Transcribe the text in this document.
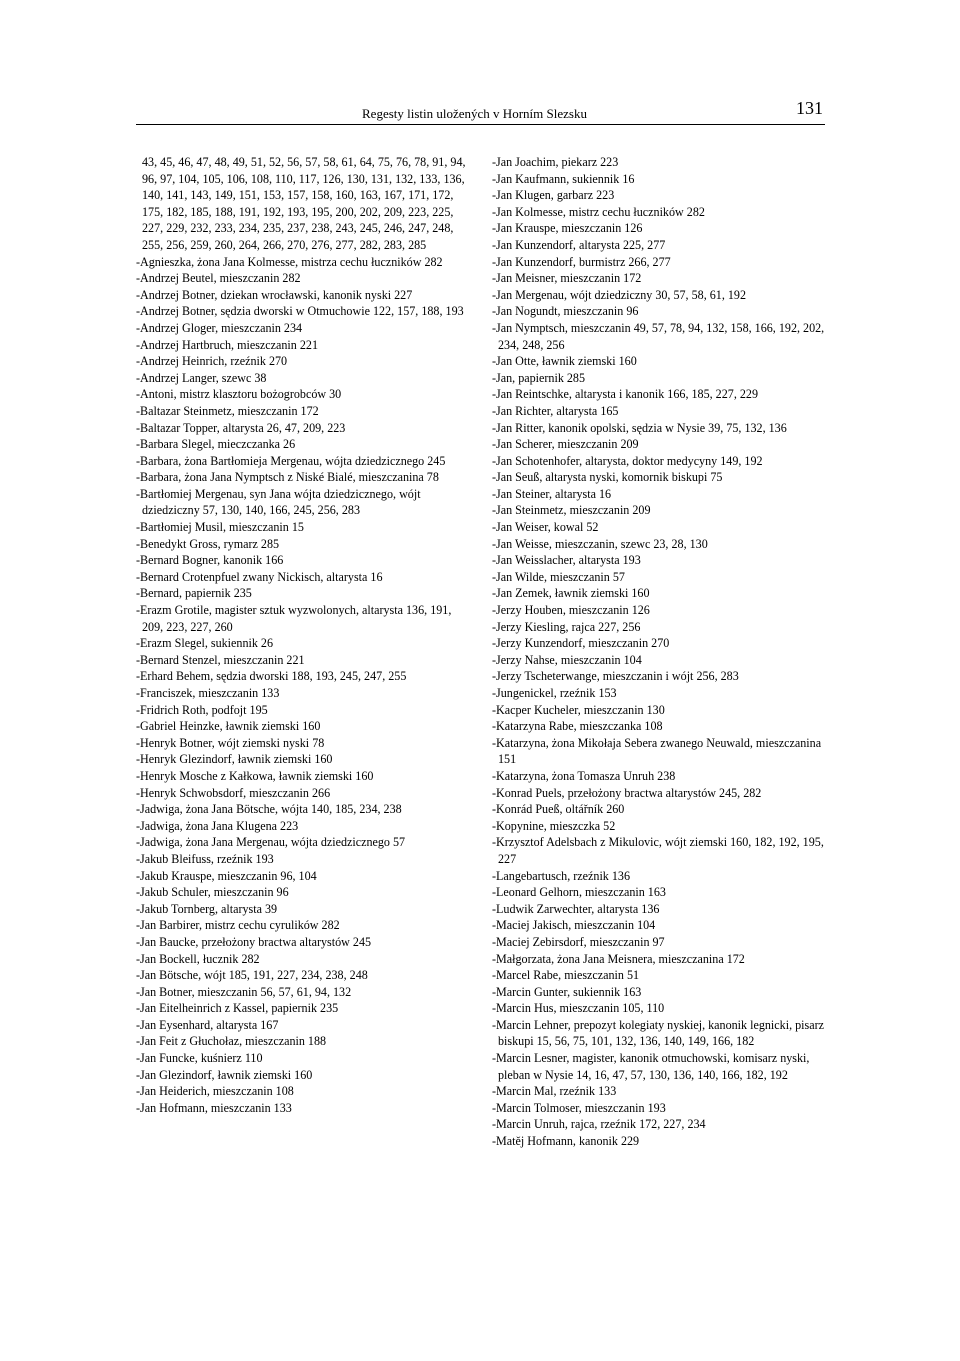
Regesty listin uložených v Horním Slezsku	131
43, 45, 46, 47, 48, 49, 51, 52, 56, 57, 58, 61, 64, 75, 76, 78, 91, 94, 96, 97, 104, 105, 106, 108, 110, 117, 126, 130, 131, 132, 133, 136, 140, 141, 143, 149, 151, 153, 157, 158, 160, 163, 167, 171, 172, 175, 182, 185, 188, 191, 192, 193, 195, 200, 202, 209, 223, 225, 227, 229, 232, 233, 234, 235, 237, 238, 243, 245, 246, 247, 248, 255, 256, 259, 260, 264, 266, 270, 276, 277, 282, 283, 285
-Agnieszka, żona Jana Kolmesse, mistrza cechu łuczników 282
-Andrzej Beutel, mieszczanin 282
-Andrzej Botner, dziekan wrocławski, kanonik nyski 227
-Andrzej Botner, sędzia dworski w Otmuchowie 122, 157, 188, 193
-Andrzej Gloger, mieszczanin 234
-Andrzej Hartbruch, mieszczanin 221
-Andrzej Heinrich, rzeźnik 270
-Andrzej Langer, szewc 38
-Antoni, mistrz klasztoru bożogrobców 30
-Baltazar Steinmetz, mieszczanin 172
-Baltazar Topper, altarysta 26, 47, 209, 223
-Barbara Slegel, mieczczanka 26
-Barbara, żona Bartłomieja Mergenau, wójta dziedzicznego 245
-Barbara, żona Jana Nymptsch z Niské Bialé, mieszczanina 78
-Bartłomiej Mergenau, syn Jana wójta dziedzicznego, wójt dziedziczny 57, 130, 140, 166, 245, 256, 283
-Bartłomiej Musil, mieszczanin 15
-Benedykt Gross, rymarz 285
-Bernard Bogner, kanonik 166
-Bernard Crotenpfuel zwany Nickisch, altarysta 16
-Bernard, papiernik 235
-Erazm Grotile, magister sztuk wyzwolonych, altarysta 136, 191, 209, 223, 227, 260
-Erazm Slegel, sukiennik 26
-Bernard Stenzel, mieszczanin 221
-Erhard Behem, sędzia dworski 188, 193, 245, 247, 255
-Franciszek, mieszczanin 133
-Fridrich Roth, podfojt 195
-Gabriel Heinzke, ławnik ziemski 160
-Henryk Botner, wójt ziemski nyski 78
-Henryk Glezindorf, ławnik ziemski 160
-Henryk Mosche z Kałkowa, ławnik ziemski 160
-Henryk Schwobsdorf, mieszczanin 266
-Jadwiga, żona Jana Bötsche, wójta 140, 185, 234, 238
-Jadwiga, żona Jana Klugena 223
-Jadwiga, żona Jana Mergenau, wójta dziedzicznego 57
-Jakub Bleifuss, rzeźnik 193
-Jakub Krauspe, mieszczanin 96, 104
-Jakub Schuler, mieszczanin 96
-Jakub Tornberg, altarysta 39
-Jan Barbirer, mistrz cechu cyrulików 282
-Jan Baucke, przełożony bractwa altarystów 245
-Jan Bockell, łucznik 282
-Jan Bötsche, wójt 185, 191, 227, 234, 238, 248
-Jan Botner, mieszczanin 56, 57, 61, 94, 132
-Jan Eitelheinrich z Kassel, papiernik 235
-Jan Eysenhard, altarysta 167
-Jan Feit z Głuchołaz, mieszczanin 188
-Jan Funcke, kuśnierz 110
-Jan Glezindorf, ławnik ziemski 160
-Jan Heiderich, mieszczanin 108
-Jan Hofmann, mieszczanin 133
-Jan Joachim, piekarz 223
-Jan Kaufmann, sukiennik 16
-Jan Klugen, garbarz 223
-Jan Kolmesse, mistrz cechu łuczników 282
-Jan Krauspe, mieszczanin 126
-Jan Kunzendorf, altarysta 225, 277
-Jan Kunzendorf, burmistrz 266, 277
-Jan Meisner, mieszczanin 172
-Jan Mergenau, wójt dziedziczny 30, 57, 58, 61, 192
-Jan Nogundt, mieszczanin 96
-Jan Nymptsch, mieszczanin 49, 57, 78, 94, 132, 158, 166, 192, 202, 234, 248, 256
-Jan Otte, ławnik ziemski 160
-Jan, papiernik 285
-Jan Reintschke, altarysta i kanonik 166, 185, 227, 229
-Jan Richter, altarysta 165
-Jan Ritter, kanonik opolski, sędzia w Nysie 39, 75, 132, 136
-Jan Scherer, mieszczanin 209
-Jan Schotenhofer, altarysta, doktor medycyny 149, 192
-Jan Seuß, altarysta nyski, komornik biskupi 75
-Jan Steiner, altarysta 16
-Jan Steinmetz, mieszczanin 209
-Jan Weiser, kowal 52
-Jan Weisse, mieszczanin, szewc 23, 28, 130
-Jan Weisslacher, altarysta 193
-Jan Wilde, mieszczanin 57
-Jan Zemek, ławnik ziemski 160
-Jerzy Houben, mieszczanin 126
-Jerzy Kiesling, rajca 227, 256
-Jerzy Kunzendorf, mieszczanin 270
-Jerzy Nahse, mieszczanin 104
-Jerzy Tscheterwange, mieszczanin i wójt 256, 283
-Jungenickel, rzeźnik 153
-Kacper Kucheler, mieszczanin 130
-Katarzyna Rabe, mieszczanka 108
-Katarzyna, żona Mikołaja Sebera zwanego Neuwald, mieszczanina 151
-Katarzyna, żona Tomasza Unruh 238
-Konrad Puels, przełożony bractwa altarystów 245, 282
-Konrád Pueß, oltářník 260
-Kopynine, mieszczka 52
-Krzysztof Adelsbach z Mikulovic, wójt ziemski 160, 182, 192, 195, 227
-Langebartusch, rzeźnik 136
-Leonard Gelhorn, mieszczanin 163
-Ludwik Zarwechter, altarysta 136
-Maciej Jakisch, mieszczanin 104
-Maciej Zebirsdorf, mieszczanin 97
-Małgorzata, żona Jana Meisnera, mieszczanina 172
-Marcel Rabe, mieszczanin 51
-Marcin Gunter, sukiennik 163
-Marcin Hus, mieszczanin 105, 110
-Marcin Lehner, prepozyt kolegiaty nyskiej, kanonik legnicki, pisarz biskupi 15, 56, 75, 101, 132, 136, 140, 149, 166, 182
-Marcin Lesner, magister, kanonik otmuchowski, komisarz nyski, pleban w Nysie 14, 16, 47, 57, 130, 136, 140, 166, 182, 192
-Marcin Mal, rzeźnik 133
-Marcin Tolmoser, mieszczanin 193
-Marcin Unruh, rajca, rzeźnik 172, 227, 234
-Matěj Hofmann, kanonik 229
